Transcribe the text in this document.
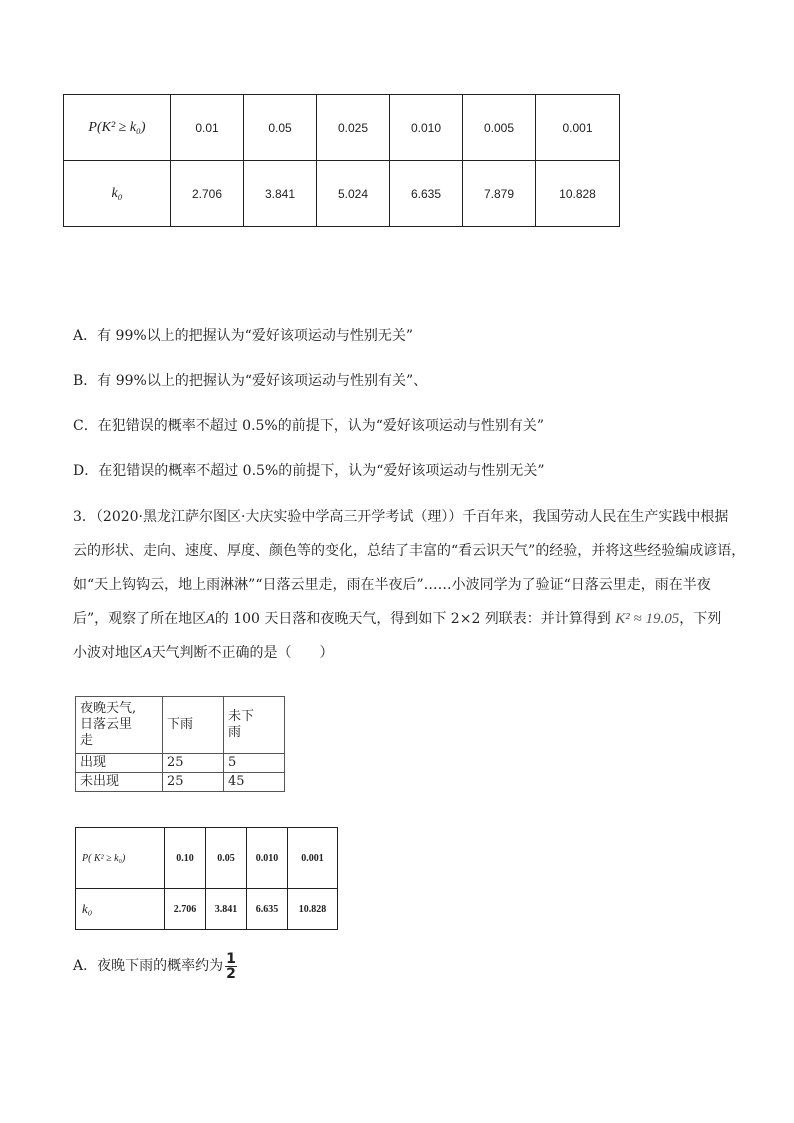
P(K² ≥ k₀)	0.01	0.05	0.025	0.010	0.005	0.001
k₀	2.706	3.841	5.024	6.635	7.879	10.828
A．有 99%以上的把握认为“爱好该项运动与性别无关”
B．有 99%以上的把握认为“爱好该项运动与性别有关”、
C．在犯错误的概率不超过 0.5%的前提下，认为“爱好该项运动与性别有关”
D．在犯错误的概率不超过 0.5%的前提下，认为“爱好该项运动与性别无关”
3．（2020·黑龙江萨尔图区·大庆实验中学高三开学考试（理））千百年来，我国劳动人民在生产实践中根据
云的形状、走向、速度、厚度、颜色等的变化，总结了丰富的“看云识天气”的经验，并将这些经验编成谚语，
如“天上钩钩云，地上雨淋淋”“日落云里走，雨在半夜后”……小波同学为了验证“日落云里走，雨在半夜
后”，观察了所在地区A的 100 天日落和夜晚天气，得到如下 2×2 列联表：并计算得到 K² ≈ 19.05，下列
小波对地区A天气判断不正确的是（　　）
夜晚天气,
日落云里
走	下雨	未下
雨
出现	25	5
未出现	25	45
P( K² ≥ k₀)	0.10	0.05	0.010	0.001
k₀	2.706	3.841	6.635	10.828
A．夜晚下雨的概率约为 $\frac{1}{2}$
